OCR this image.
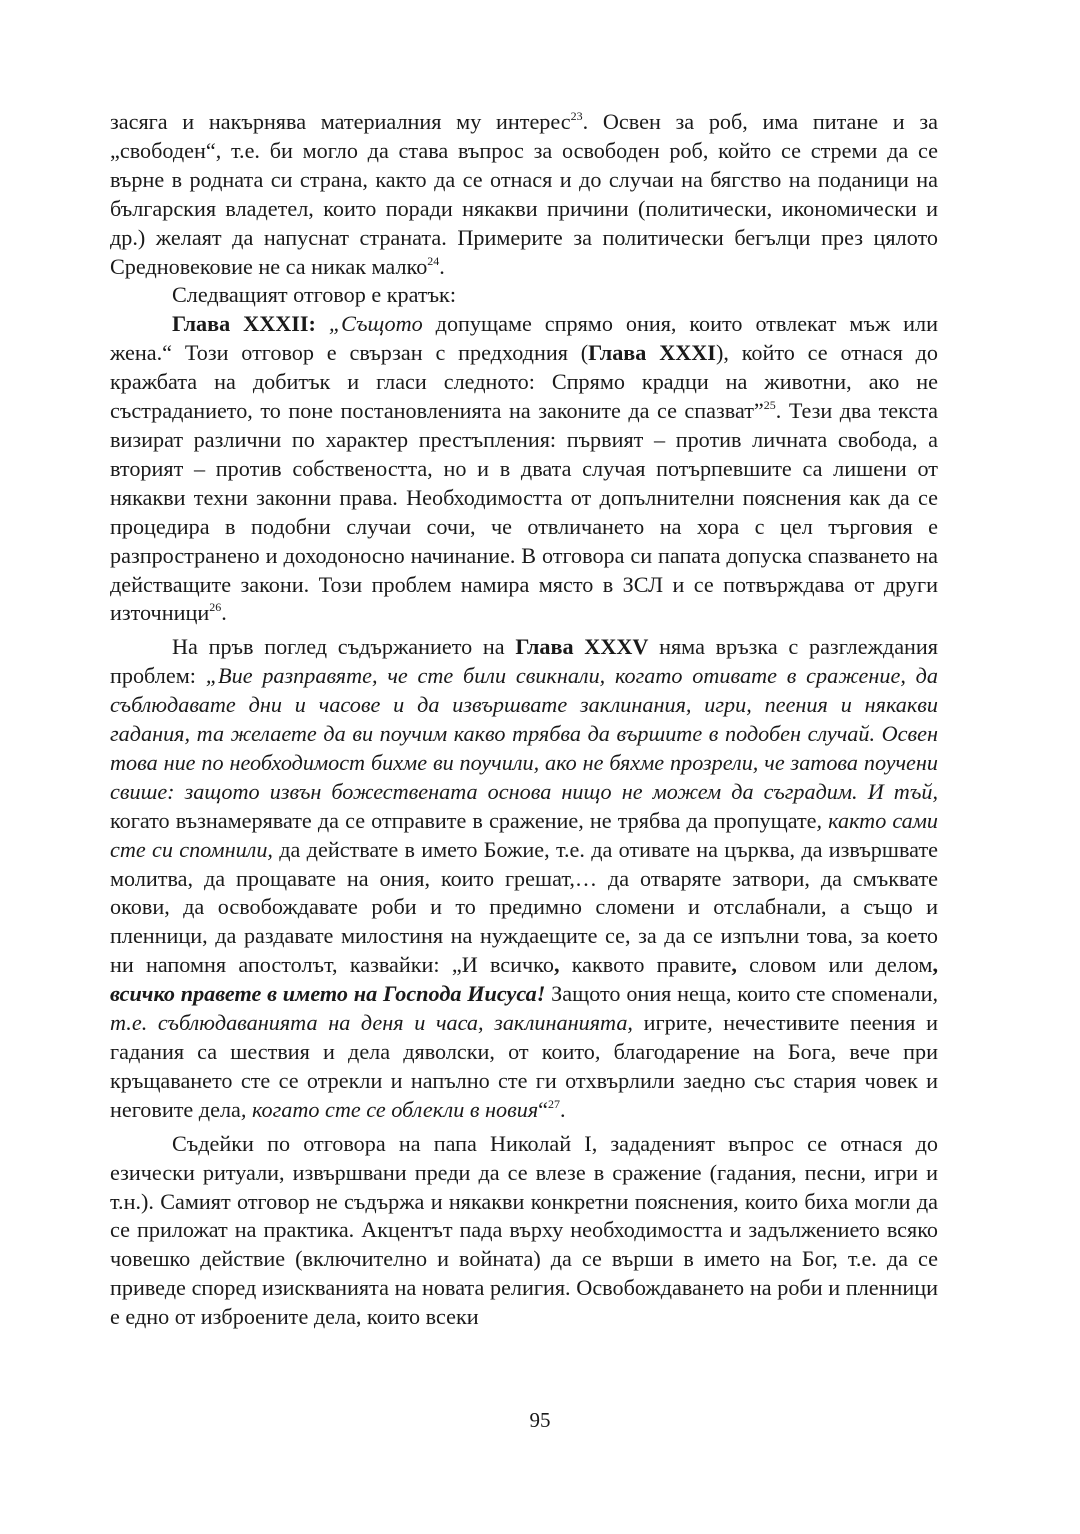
засяга и накърнява материалния му интерес$^{23}$. Освен за роб, има питане и за „свободен“, т.е. би могло да става въпрос за освободен роб, който се стреми да се върне в родната си страна, както да се отнася и до случаи на бягство на поданици на българския владетел, които поради някакви причини (политически, икономически и др.) желаят да напуснат страната. Примерите за политически бегълци през цялото Средновековие не са никак малко$^{24}$.

Следващият отговор е кратък:

Глава XXXII: „Същото допущаме спрямо ония, които отвлекат мъж или жена.“ Този отговор е свързан с предходния (Глава XXXI), който се отнася до кражбата на добитък и гласи следното: Спрямо крадци на животни, ако не състраданието, то поне постановленията на законите да се спазват”$^{25}$. Тези два текста визират различни по характер престъпления: първият – против личната свобода, а вторият – против собствеността, но и в двата случая потърпевшите са лишени от някакви техни законни права. Необходимостта от допълнителни пояснения как да се процедира в подобни случаи сочи, че отвличането на хора с цел търговия е разпространено и доходоносно начинание. В отговора си папата допуска спазването на действащите закони. Този проблем намира място в ЗСЛ и се потвърждава от други източници$^{26}$.

На пръв поглед съдържанието на Глава XXXV няма връзка с разглеждания проблем: „Вие разправяте, че сте били свикнали, когато отивате в сражение, да съблюдавате дни и часове и да извършвате заклинания, игри, пеения и някакви гадания, та желаете да ви поучим какво трябва да вършите в подобен случай. Освен това ние по необходимост бихме ви поучили, ако не бяхме прозрели, че затова поучени свише: защото извън божествената основа нищо не можем да съградим. И тъй, когато възнамерявате да се отправите в сражение, не трябва да пропущате, както сами сте си спомнили, да действате в името Божие, т.е. да отивате на църква, да извършвате молитва, да прощавате на ония, които грешат,… да отваряте затвори, да смъквате окови, да освобождавате роби и то предимно сломени и отслабнали, а също и пленници, да раздавате милостиня на нуждаещите се, за да се изпълни това, за което ни напомня апостолът, казвайки: „И всичко, каквото правите, словом или делом, всичко правете в името на Господа Иисуса! Защото ония неща, които сте споменали, т.е. съблюдаванията на деня и часа, заклинанията, игрите, нечестивите пеения и гадания са шествия и дела дяволски, от които, благодарение на Бога, вече при кръщаването сте се отрекли и напълно сте ги отхвърлили заедно със стария човек и неговите дела, когато сте се облекли в новия“$^{27}$.

Съдейки по отговора на папа Николай I, зададеният въпрос се отнася до езически ритуали, извършвани преди да се влезе в сражение (гадания, песни, игри и т.н.). Самият отговор не съдържа и някакви конкретни пояснения, които биха могли да се приложат на практика. Акцентът пада върху необходимостта и задължението всяко човешко действие (включително и войната) да се върши в името на Бог, т.е. да се приведе според изискванията на новата религия. Освобождаването на роби и пленници е едно от изброените дела, които всеки

95
